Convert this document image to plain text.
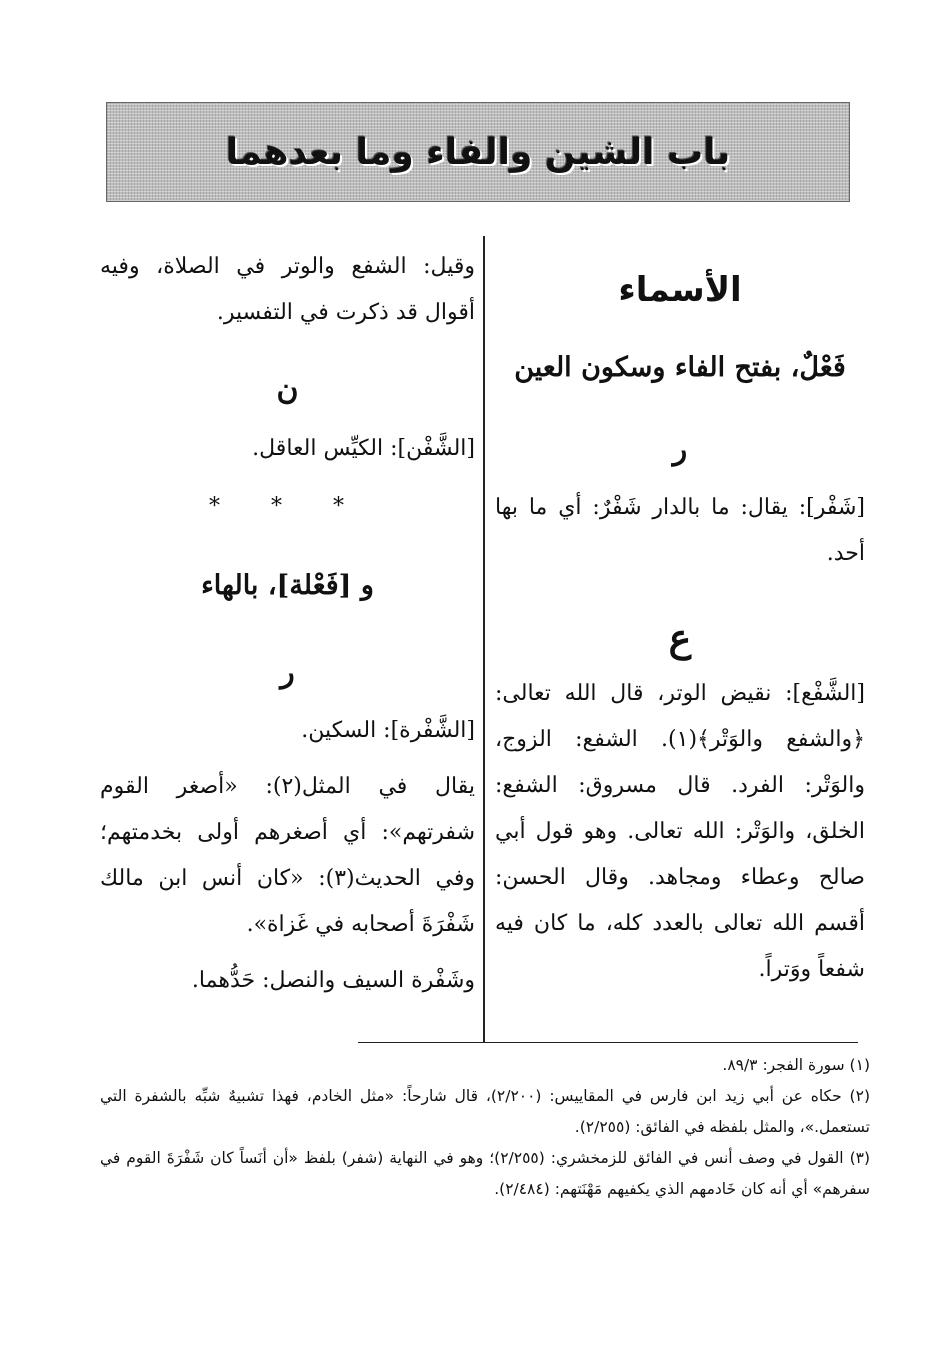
باب الشين والفاء وما بعدهما
الأسماء
فَعْلٌ، بفتح الفاء وسكون العين
ر
[شَفْر]: يقال: ما بالدار شَفْرٌ: أي ما بها أحد.
ع
[الشَّفْع]: نقيض الوتر، قال الله تعالى: ﴿والشفع والوَتْر﴾(١). الشفع: الزوج، والوَتْر: الفرد. قال مسروق: الشفع: الخلق، والوَتْر: الله تعالى. وهو قول أبي صالح وعطاء ومجاهد. وقال الحسن: أقسم الله تعالى بالعدد كله، ما كان فيه شفعاً ووَتراً.
وقيل: الشفع والوتر في الصلاة، وفيه أقوال قد ذكرت في التفسير.
ن
[الشَّفْن]: الكيِّس العاقل.
* * *
و [فَعْلة]، بالهاء
ر
[الشَّفْرة]: السكين.
يقال في المثل(٢): «أصغر القوم شفرتهم»: أي أصغرهم أولى بخدمتهم؛ وفي الحديث(٣): «كان أنس ابن مالك شَفْرَةَ أصحابه في غَزاة».
وشَفْرة السيف والنصل: حَدُّهما.
(١) سورة الفجر: ٨٩/٣.
(٢) حكاه عن أبي زيد ابن فارس في المقاييس: (٢/٢٠٠)، قال شارحاً: «مثل الخادم، فهذا تشبيهٌ شبِّه بالشفرة التي تستعمل.»، والمثل بلفظه في الفائق: (٢/٢٥٥).
(٣) القول في وصف أنس في الفائق للزمخشري: (٢/٢٥٥)؛ وهو في النهاية (شفر) بلفظ «أن أنَساً كان شَفْرَةَ القوم في سفرهم» أي أنه كان خَادمهم الذي يكفيهم مَهْنَتهم: (٢/٤٨٤).
